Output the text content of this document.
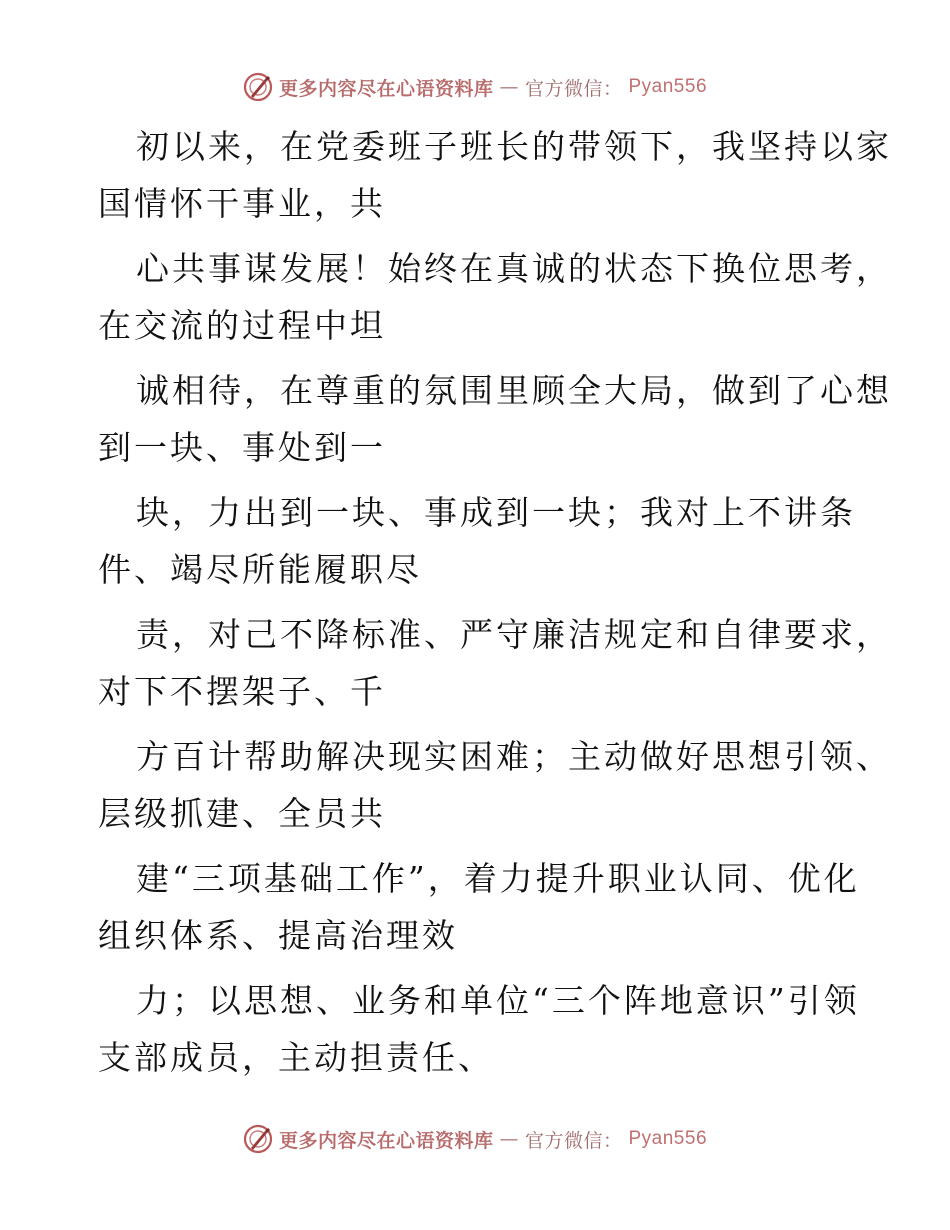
更多内容尽在心语资料库 — 官方微信： Pyan556

初以来，在党委班子班长的带领下，我坚持以家
国情怀干事业，共

心共事谋发展！始终在真诚的状态下换位思考，
在交流的过程中坦

诚相待，在尊重的氛围里顾全大局，做到了心想
到一块、事处到一

块，力出到一块、事成到一块；我对上不讲条
件、竭尽所能履职尽

责，对己不降标准、严守廉洁规定和自律要求，
对下不摆架子、千

方百计帮助解决现实困难；主动做好思想引领、
层级抓建、全员共

建“三项基础工作”，着力提升职业认同、优化
组织体系、提高治理效

力；以思想、业务和单位“三个阵地意识”引领
支部成员，主动担责任、

更多内容尽在心语资料库 — 官方微信： Pyan556
